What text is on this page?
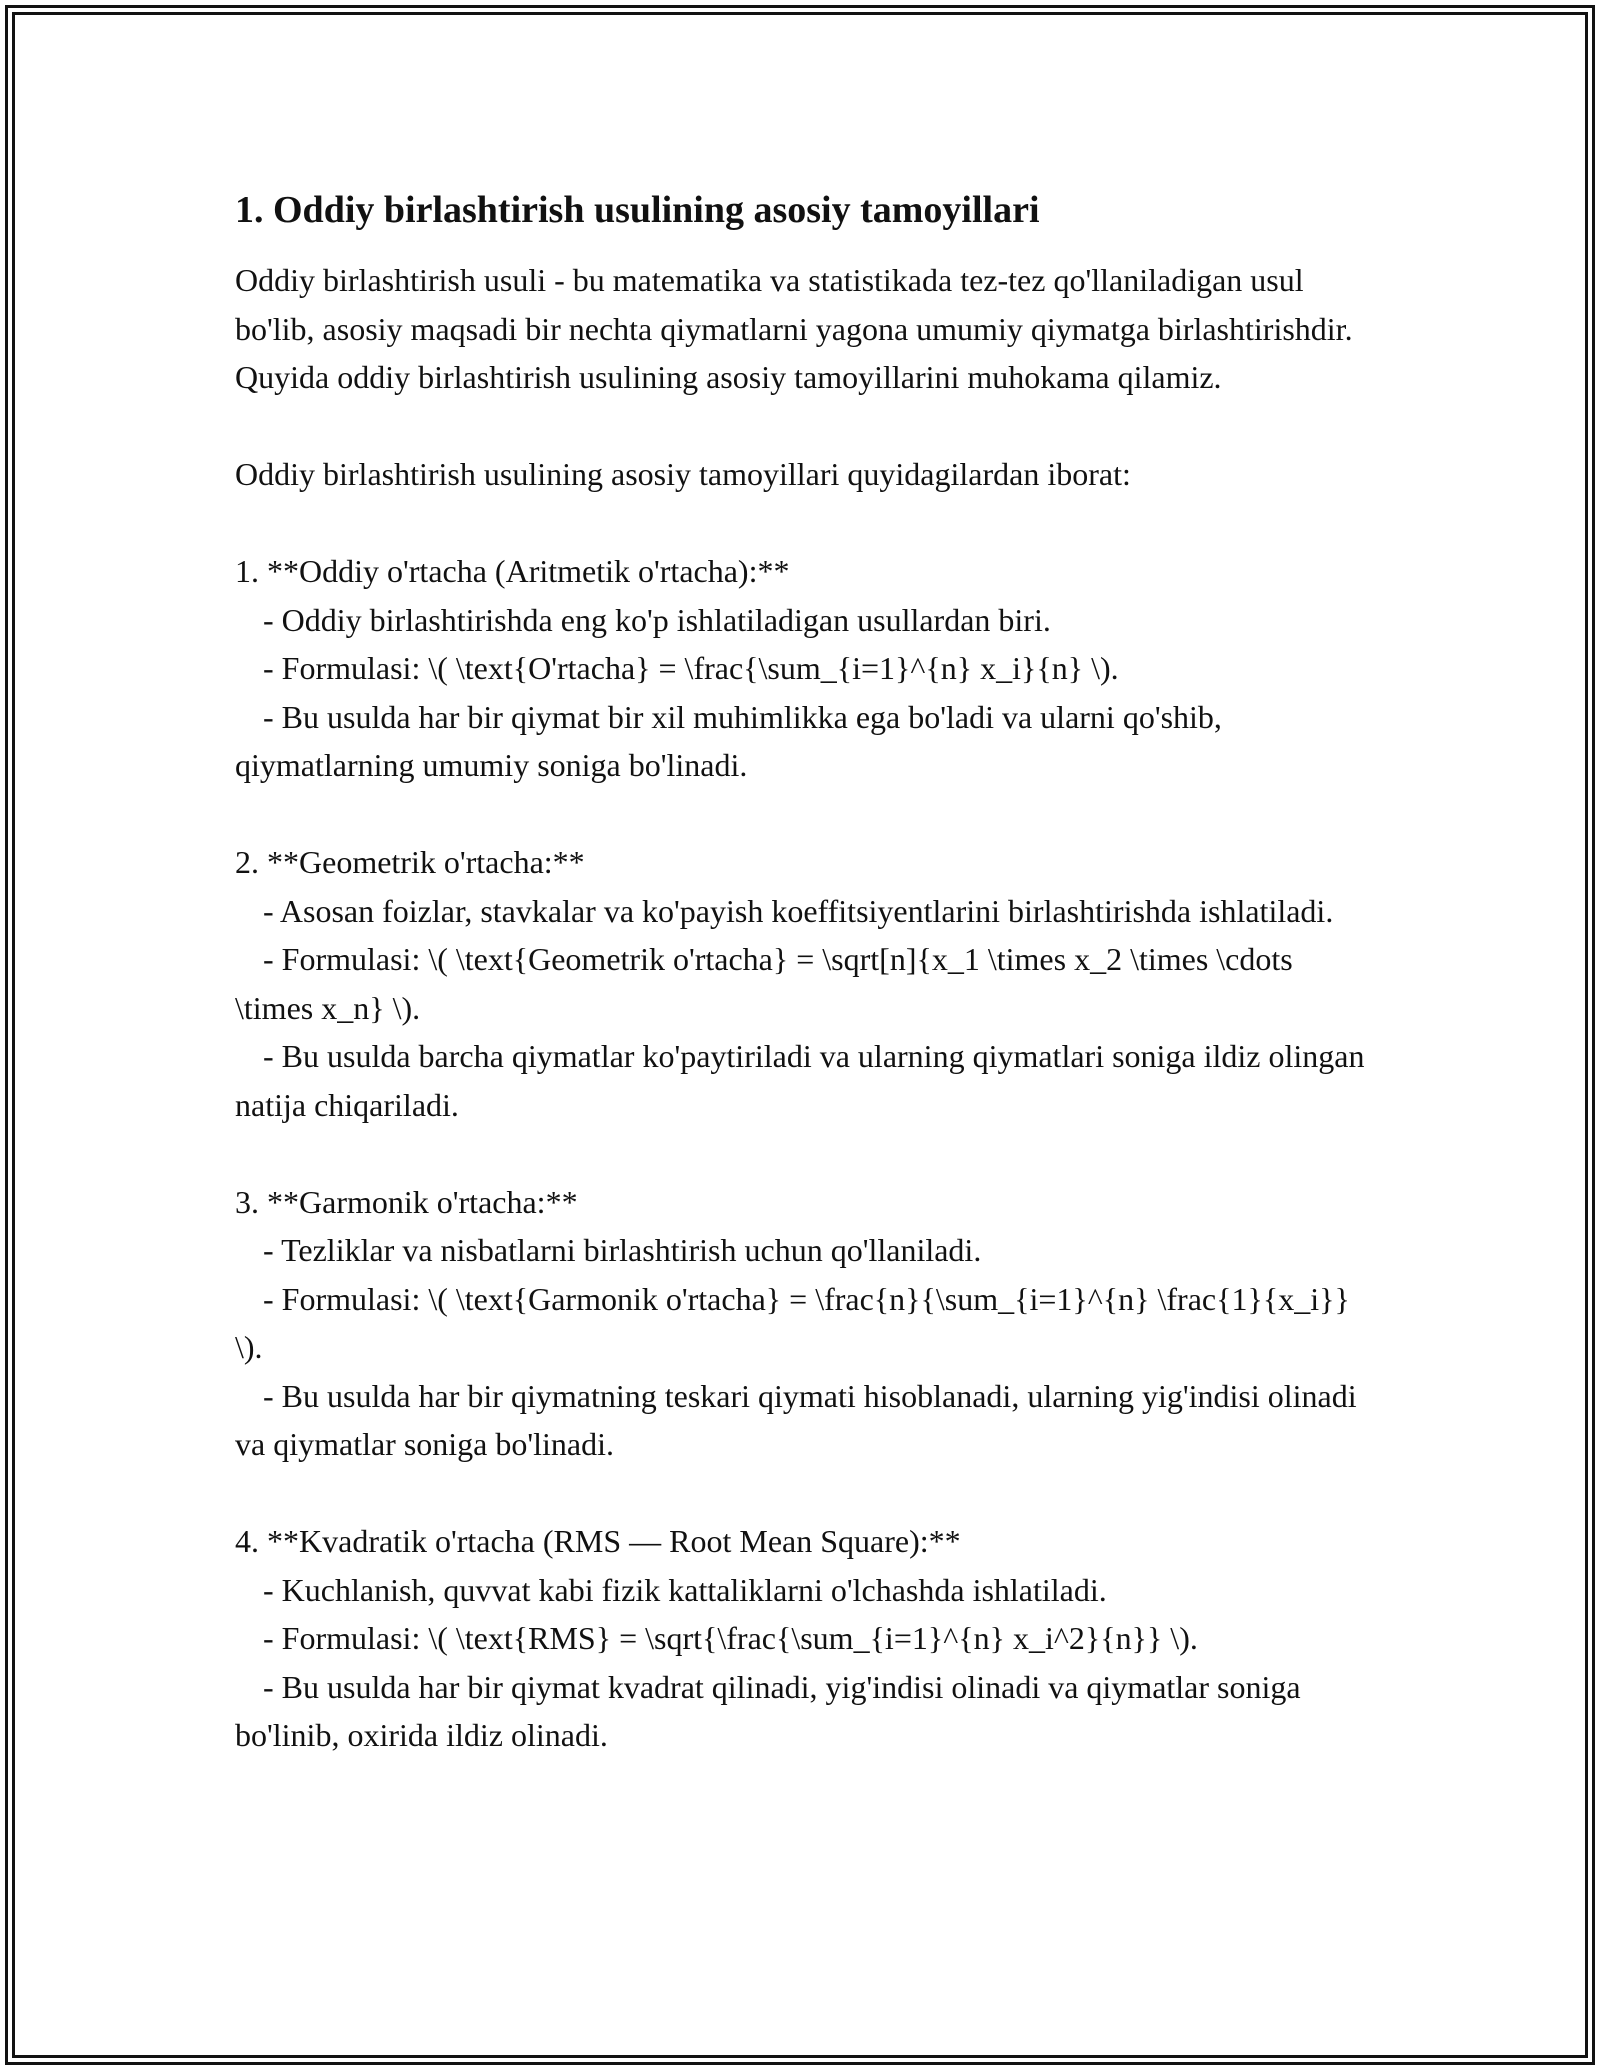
1. Oddiy birlashtirish usulining asosiy tamoyillari

Oddiy birlashtirish usuli - bu matematika va statistikada tez-tez qo'llaniladigan usul bo'lib, asosiy maqsadi bir nechta qiymatlarni yagona umumiy qiymatga birlashtirishdir. Quyida oddiy birlashtirish usulining asosiy tamoyillarini muhokama qilamiz.

Oddiy birlashtirish usulining asosiy tamoyillari quyidagilardan iborat:

1. **Oddiy o'rtacha (Aritmetik o'rtacha):**

- Oddiy birlashtirishda eng ko'p ishlatiladigan usullardan biri.

- Formulasi: \( \text{O'rtacha} = \frac{\sum_{i=1}^{n} x_i}{n} \).

- Bu usulda har bir qiymat bir xil muhimlikka ega bo'ladi va ularni qo'shib, qiymatlarning umumiy soniga bo'linadi.

2. **Geometrik o'rtacha:**

- Asosan foizlar, stavkalar va ko'payish koeffitsiyentlarini birlashtirishda ishlatiladi.

- Formulasi: \( \text{Geometrik o'rtacha} = \sqrt[n]{x_1 \times x_2 \times \cdots \times x_n} \).

- Bu usulda barcha qiymatlar ko'paytiriladi va ularning qiymatlari soniga ildiz olingan natija chiqariladi.

3. **Garmonik o'rtacha:**

- Tezliklar va nisbatlarni birlashtirish uchun qo'llaniladi.

- Formulasi: \( \text{Garmonik o'rtacha} = \frac{n}{\sum_{i=1}^{n} \frac{1}{x_i}} \).

- Bu usulda har bir qiymatning teskari qiymati hisoblanadi, ularning yig'indisi olinadi va qiymatlar soniga bo'linadi.

4. **Kvadratik o'rtacha (RMS — Root Mean Square):**

- Kuchlanish, quvvat kabi fizik kattaliklarni o'lchashda ishlatiladi.

- Formulasi: \( \text{RMS} = \sqrt{\frac{\sum_{i=1}^{n} x_i^2}{n}} \).

- Bu usulda har bir qiymat kvadrat qilinadi, yig'indisi olinadi va qiymatlar soniga bo'linib, oxirida ildiz olinadi.
